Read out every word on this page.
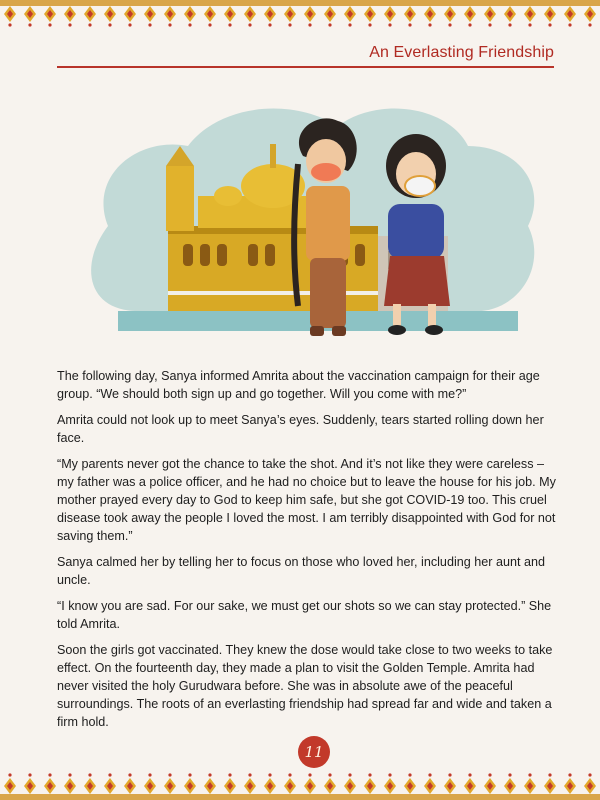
An Everlasting Friendship

The following day, Sanya informed Amrita about the vaccination campaign for their age group. “We should both sign up and go together. Will you come with me?”

Amrita could not look up to meet Sanya’s eyes. Suddenly, tears started rolling down her face.

“My parents never got the chance to take the shot. And it’s not like they were careless – my father was a police officer, and he had no choice but to leave the house for his job. My mother prayed every day to God to keep him safe, but she got COVID-19 too. This cruel disease took away the people I loved the most. I am terribly disappointed with God for not saving them.”

Sanya calmed her by telling her to focus on those who loved her, including her aunt and uncle.

“I know you are sad. For our sake, we must get our shots so we can stay protected.” She told Amrita.

Soon the girls got vaccinated. They knew the dose would take close to two weeks to take effect. On the fourteenth day, they made a plan to visit the Golden Temple. Amrita had never visited the holy Gurudwara before. She was in absolute awe of the peaceful surroundings. The roots of an everlasting friendship had spread far and wide and taken a firm hold.

11
